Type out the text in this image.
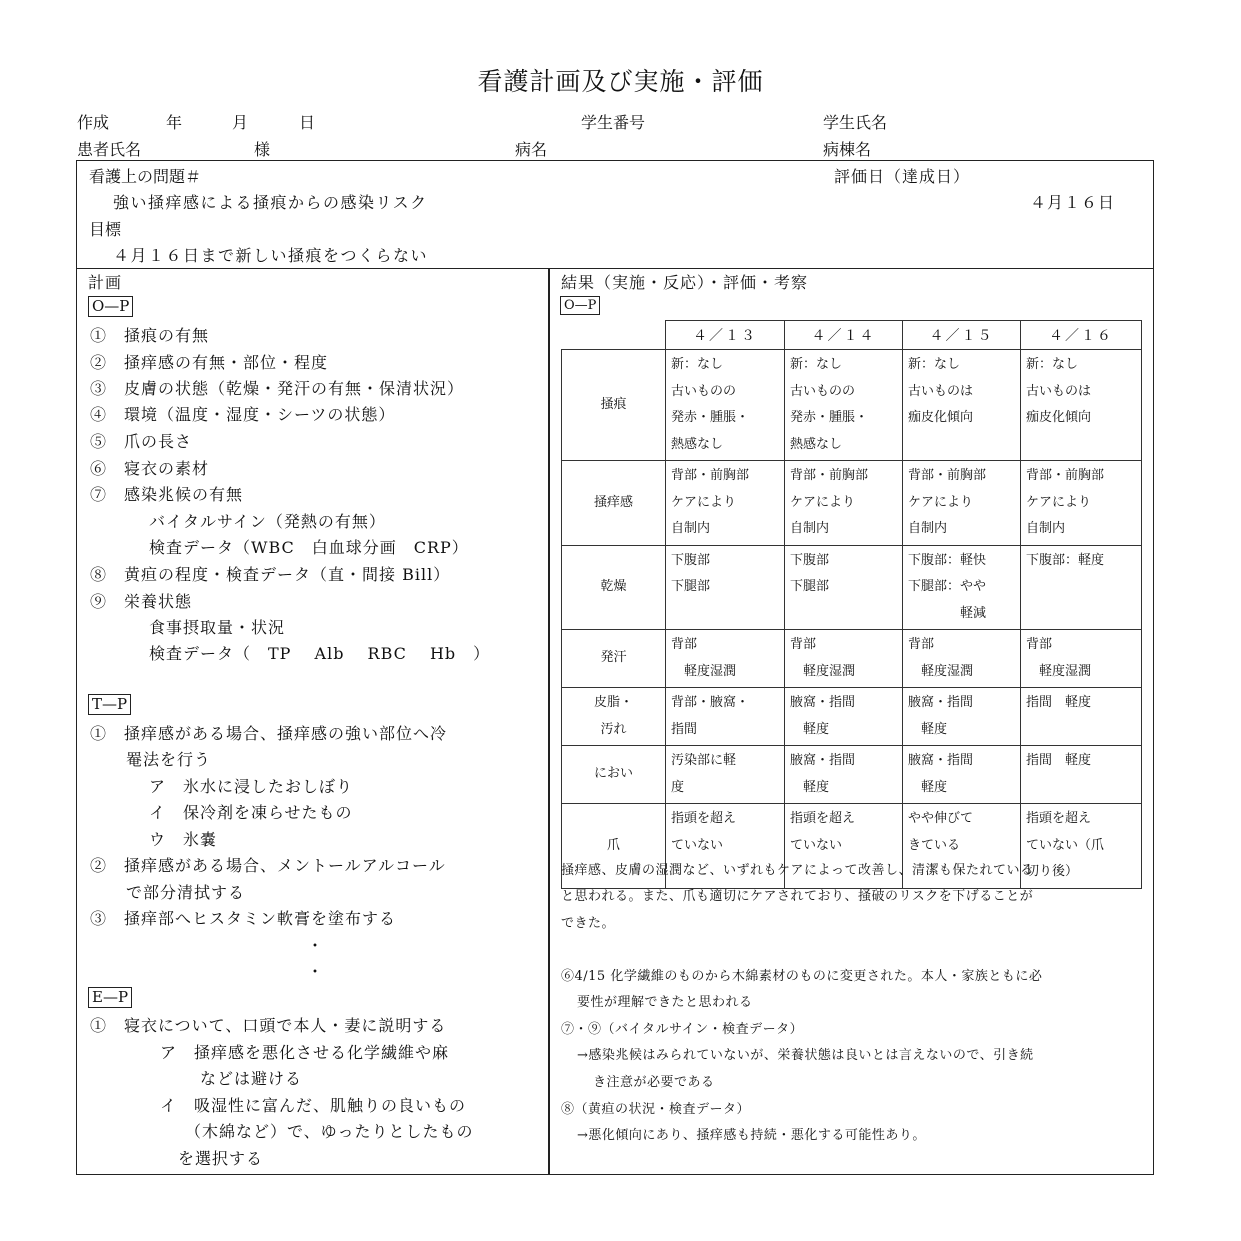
看護計画及び実施・評価
作成	年	月	日	学生番号	学生氏名
患者氏名	様	病名	病棟名
看護上の問題＃	評価日（達成日）
強い掻痒感による掻痕からの感染リスク	４月１６日
目標
４月１６日まで新しい掻痕をつくらない
計画
O—P
①　掻痕の有無
②　掻痒感の有無・部位・程度
③　皮膚の状態（乾燥・発汗の有無・保清状況）
④　環境（温度・湿度・シーツの状態）
⑤　爪の長さ
⑥　寝衣の素材
⑦　感染兆候の有無
バイタルサイン（発熱の有無）
検査データ（WBC　白血球分画　CRP）
⑧　黄疸の程度・検査データ（直・間接 Bill）
⑨　栄養状態
食事摂取量・状況
検査データ（　TP　 Alb　 RBC　 Hb　）
T—P
①　掻痒感がある場合、掻痒感の強い部位へ冷
罨法を行う
ア　氷水に浸したおしぼり
イ　保冷剤を凍らせたもの
ウ　氷嚢
②　掻痒感がある場合、メントールアルコール
で部分清拭する
③　掻痒部へヒスタミン軟膏を塗布する
・
・
E—P
①　寝衣について、口頭で本人・妻に説明する
ア　掻痒感を悪化させる化学繊維や麻
などは避ける
イ　吸湿性に富んだ、肌触りの良いもの
（木綿など）で、ゆったりとしたもの
を選択する
結果（実施・反応）・評価・考察
O—P
	４／１３	４／１４	４／１５	４／１６
掻痕	新：なし
古いものの
発赤・腫脹・
熱感なし	新：なし
古いものの
発赤・腫脹・
熱感なし	新：なし
古いものは
痂皮化傾向	新：なし
古いものは
痂皮化傾向
掻痒感	背部・前胸部
ケアにより
自制内	背部・前胸部
ケアにより
自制内	背部・前胸部
ケアにより
自制内	背部・前胸部
ケアにより
自制内
乾燥	下腹部
下腿部	下腹部
下腿部	下腹部：軽快
下腿部：やや
　　　　軽減	下腹部：軽度
発汗	背部
　軽度湿潤	背部
　軽度湿潤	背部
　軽度湿潤	背部
　軽度湿潤
皮脂・
汚れ	背部・腋窩・
指間	腋窩・指間
　軽度	腋窩・指間
　軽度	指間　軽度
におい	汚染部に軽
度	腋窩・指間
　軽度	腋窩・指間
　軽度	指間　軽度
爪	指頭を超え
ていない	指頭を超え
ていない	やや伸びて
きている	指頭を超え
ていない（爪
切り後）
掻痒感、皮膚の湿潤など、いずれもケアによって改善し、清潔も保たれている
と思われる。また、爪も適切にケアされており、掻破のリスクを下げることが
できた。
⑥4/15 化学繊維のものから木綿素材のものに変更された。本人・家族ともに必
要性が理解できたと思われる
⑦・⑨（バイタルサイン・検査データ）
→感染兆候はみられていないが、栄養状態は良いとは言えないので、引き続
き注意が必要である
⑧（黄疸の状況・検査データ）
→悪化傾向にあり、掻痒感も持続・悪化する可能性あり。
